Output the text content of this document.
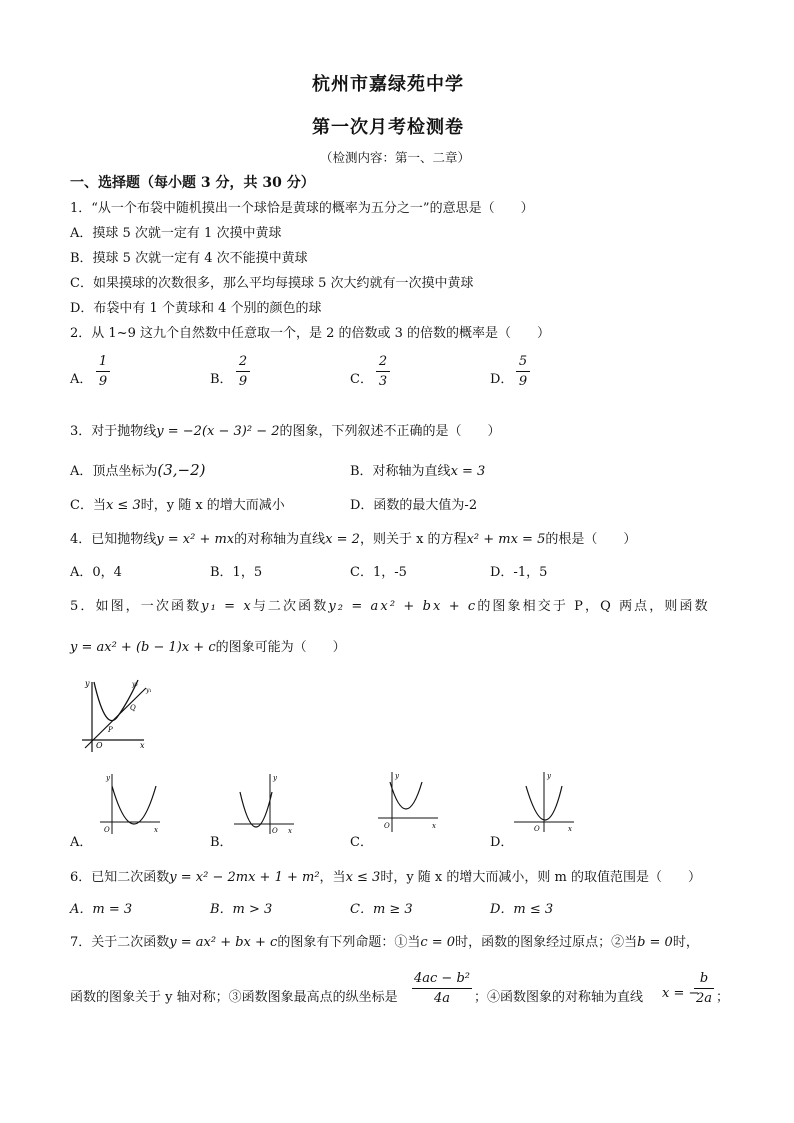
杭州市嘉绿苑中学
第一次月考检测卷
（检测内容：第一、二章）
一、选择题（每小题 3 分，共 30 分）
1．“从一个布袋中随机摸出一个球恰是黄球的概率为五分之一”的意思是（　　）
A．摸球 5 次就一定有 1 次摸中黄球
B．摸球 5 次就一定有 4 次不能摸中黄球
C．如果摸球的次数很多，那么平均每摸球 5 次大约就有一次摸中黄球
D．布袋中有 1 个黄球和 4 个别的颜色的球
2．从 1~9 这九个自然数中任意取一个，是 2 的倍数或 3 的倍数的概率是（　　）
A．
1
9	B．
2
9	C．
2
3	D．
5
9
3．对于抛物线y = −2(x − 3)² − 2的图象，下列叙述不正确的是（　　）
A．顶点坐标为(3,−2)	B．对称轴为直线x = 3
C．当x ≤ 3时，y 随 x 的增大而减小	D．函数的最大值为-2
4．已知抛物线y = x² + mx的对称轴为直线x = 2，则关于 x 的方程x² + mx = 5的根是（　　）
A．0，4	B．1，5	C．1，-5	D．-1，5
5．如图，一次函数y₁ = x与二次函数y₂ = ax² + bx + c的图象相交于 P，Q 两点，则函数
y = ax² + (b − 1)x + c的图象可能为（　　）
y
x
O
P
Q
y₂
y₁
A．
O	x
y
B．
O x
y
C．
O	x
y
D．
O	x
y
6．已知二次函数y = x² − 2mx + 1 + m²，当x ≤ 3时，y 随 x 的增大而减小，则 m 的取值范围是（　　）
A．m = 3	B．m > 3	C．m ≥ 3	D．m ≤ 3
7．关于二次函数y = ax² + bx + c的图象有下列命题：①当c = 0时，函数的图象经过原点；②当b = 0时，
函数的图象关于 y 轴对称；③函数图象最高点的纵坐标是
4ac − b²
4a	；④函数图象的对称轴为直线 x = −
b
2a ；
